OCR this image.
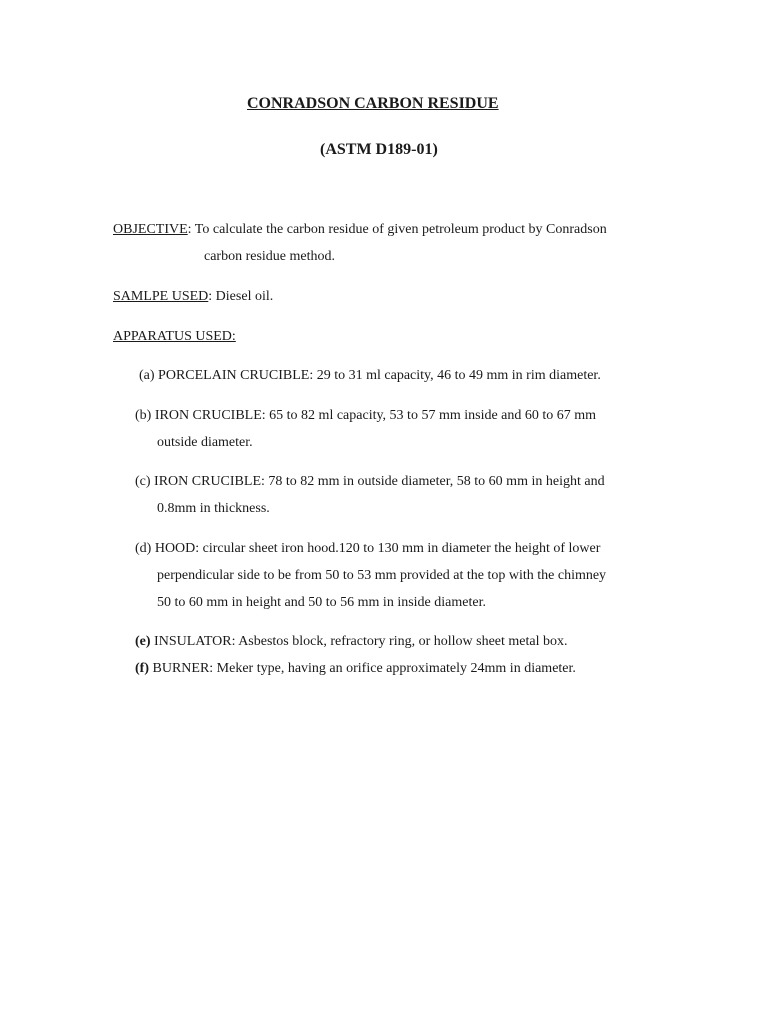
CONRADSON CARBON RESIDUE
(ASTM D189-01)
OBJECTIVE: To calculate the carbon residue of given petroleum product by Conradson
carbon residue method.
SAMLPE USED: Diesel oil.
APPARATUS USED:
(a) PORCELAIN CRUCIBLE: 29 to 31 ml capacity, 46 to 49 mm in rim diameter.
(b) IRON CRUCIBLE: 65 to 82 ml capacity, 53 to 57 mm inside and 60 to 67 mm
outside diameter.
(c) IRON CRUCIBLE: 78 to 82 mm in outside diameter, 58 to 60 mm in height and
0.8mm in thickness.
(d) HOOD: circular sheet iron hood.120 to 130 mm in diameter the height of lower
perpendicular side to be from 50 to 53 mm provided at the top with the chimney
50 to 60 mm in height and 50 to 56 mm in inside diameter.
(e) INSULATOR: Asbestos block, refractory ring, or hollow sheet metal box.
(f) BURNER: Meker type, having an orifice approximately 24mm in diameter.
